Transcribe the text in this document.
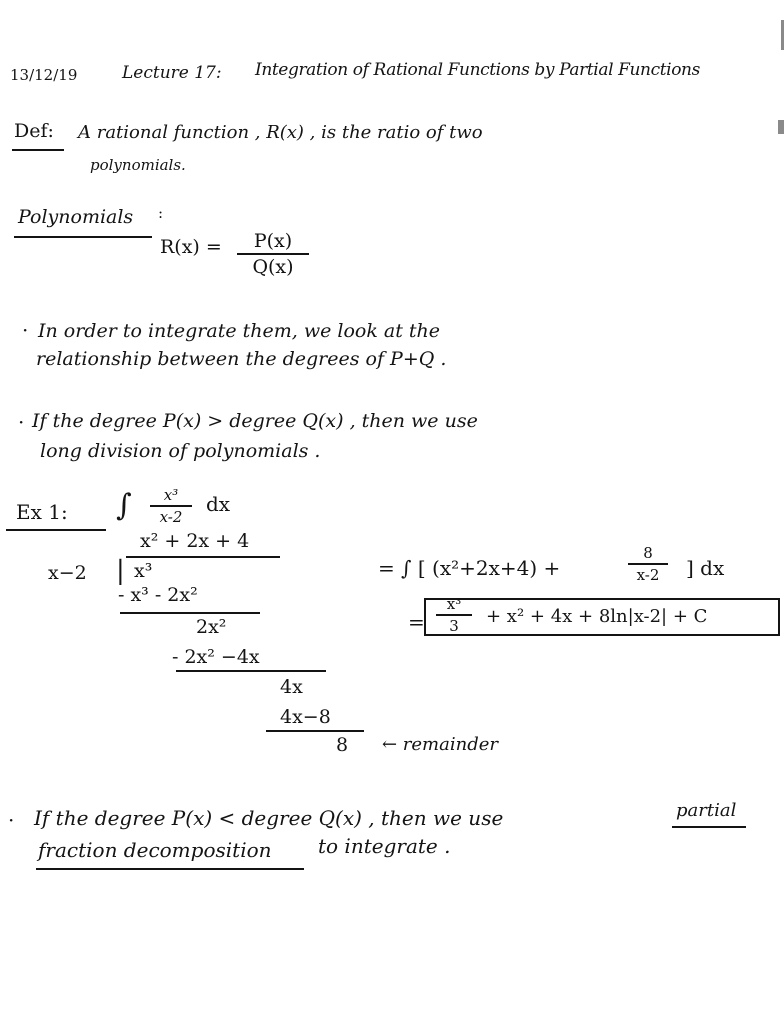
13/12/19	Lecture 17: Integration of Rational Functions by Partial Functions
Def: A rational function , R(x) , is the ratio of two
polynomials.
Polynomials :
R(x) =	P(x)
Q(x)
· In order to integrate them, we look at the
relationship between the degrees of P+Q .
· If the degree P(x) > degree Q(x) , then we use
long division of polynomials .
Ex 1: ∫	x³
x-2
dx
x² + 2x + 4
x−2 | x³
- x³ - 2x²
2x²
- 2x² −4x
4x
4x−8
8 ← remainder
= ∫ [ (x²+2x+4) +
8
x-2	] dx
=
x³
3	+ x² + 4x + 8ln|x-2| + C
· If the degree P(x) < degree Q(x) , then we use	partial
fraction decomposition to integrate .
